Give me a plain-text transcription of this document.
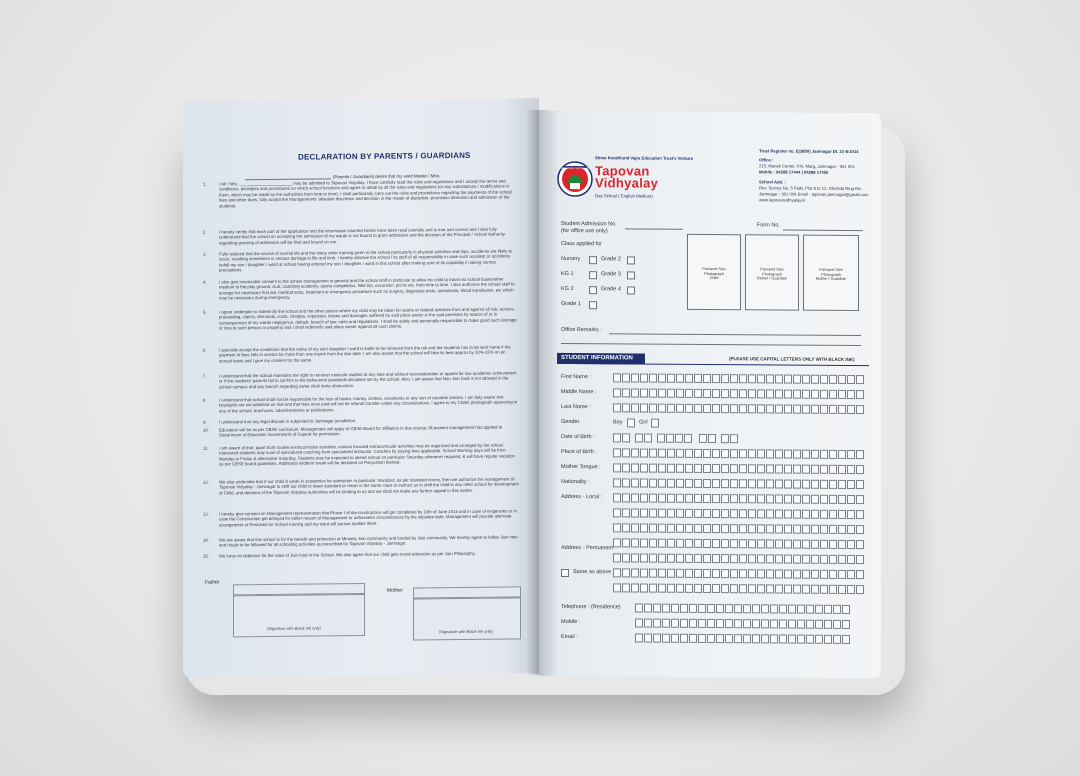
DECLARATION BY PARENTS / GUARDIANS
(Parents / Guardians) desire that my ward Master / Miss
1.	I Mr / Mrs. ______________________ may be admitted to Tapovan Vidyalay. I have carefully read the rules and regulations and I accept the terms and conditions, principles and procedures on which school functions and agree to abide by all the rules and regulations (or any substitutions / modifications in them, which may be made by the authorities from time to time). I shall particularly carry out the rules and procedures regarding the payments of the school fees and other dues, fully accept the Managements' absolute discretion and decision in the matter of discipline, promotion demotion and admission of the students.
2.	I hereby certify that each part of the application and the information inserted herein have been read carefully and is true and correct and I also fully understand that the school on accepting the admission of my wards is not bound to grant admission and the decision of the Principal / School Authority regarding granting of admission will be final and bound on me.
3.	Fully realized that the course of normal life and the many other training given in the school particularly in physical activities and trips, accidents are likely to occur, resulting sometimes in serious damage to life and limb. I hereby absolve the school / its staff of all responsibility in case such accident or accidents befall my son / daughter / ward at school having entered my son / daughter / ward in this school after making sure of its capability in taking normal precautions.
4.	I also give irrevocable consent to the school management in general and the school staff in particular to allow my child to travel via school buses/other medium to the play ground, club, coaching academy, sports competition, field trip, excursion, picnic etc. from time to time. I also authorize the school staff to arrange for necessary first aid, medical tests, treatment or emergency procedure such as surgery, diagnostic tests, anesthesia, blood transfusion, etc which may be necessary during emergency.
5.	I agree undertake to indemnify the school and the other places where my child may be taken for sports or related activities from and against all risk, actions, proceeding, claims, demands, costs, charges, expenses, losses and damages suffered by said place owner in the said premises by reason of or in consequences of my wards negligence, default, breach of law, rules and regulations. I shall be solely and personally responsible to make good such damage or loss to such person or property and I shall indemnify said place owner against all such claims.
6.	I specially accept the conditions that the name of my son/ daughter / ward is liable to be removed from the roll and the students has to be sent home if the payment of fees falls in arrears for more than one month from the due date. I am also aware that the school will hike its fees approx by 10%-15% on an annual basis and I give my consent for the same.
7.	I understand that the school maintains the right to remove/ rusticate student at any time and without reconsideration or appeal for low academic achievement or if the students' parents fail to confirm to the behavioral standards discipline set by the school. Also, I am aware that Non Jain food is not allowed in the school campus and any branch regarding same shall invite obstruction.
8.	I understand that school shall not be responsible for the loss of books, money, clothes, ornaments or any sort of valuable articles. I am fully aware that boys/girls are not admitted on trial and that fees once paid will not be refund/ transfer under any circumstances. I agree to my Childs photograph appearing in any of the school, brochures, advertisements or publications.
9.	I understand that any legal dispute is subjected to Jamnagar jurisdiction.
10. Education will be as per CBSE curriculum. Management will apply to CBSE Board for affiliation in due course, till present management has applied to Department of Education Government of Gujarat for permission.
11. I am aware of that, apart from routine extracurricular activities, various focused extracurricular activities may be organized and arranged by the school. Interested students may avail of specialized coaching from specialized instructor. Coaches by paying fees applicable. School Working days will be from Monday to Friday & alternative Saturday. Students may be expected to attend school on particular Saturday whenever required, & will have regular vacation as per CBSE board guidelines. Additional midterm break will be declared on Paryushan festival.
12. We also undertake that if our child is weak in academics for admission in particular Standard, as per standard norms, then we authorize the management of Tapovan Vidyalay - Jamnagar to shift our child to lower standard or retain in the same class or instruct us to shift the child to any other school for development of Child, and decision of the Tapovan Vidyalay authorities will be binding to us and we shall not make any further appeal in this matter.
13. I hereby give consent on Management representation that Phase I of the construction will get completed by 10th of June 2015 and in case of exigencies or in case the Construction get delayed for either reason of Management or unforeseen circumstances by the stipulate date, Management will provide alternate arrangement of Premises for School running and my ward will pursue studies there.
14. We are aware that this school is for the benefit and protection of Minority Jain community and funded by Jain community. We hereby agree to follow Jain rites and rituals to be followed for all schooling activities as prescribed by Tapovan Vidyalay - Jamnagar.
15. We have no objection for the rules of Jain food in the School. We also agree that our child gets moral education as per Jain Philosophy.
Father
(Signature with Black Ink only)
Mother
(Signature with Black Ink only)
TAPOVAN VIDYALAY
Shree KundKund Vajra Education Trust's Venture
Tapovan
Vidhyalay
Day School ( English Medium)
Trust Register no. E(3850) Jamnagar Dt. 21-8-2014
Office :
215, Manek Center, P.N. Marg, Jamnagar - 361 001
Mobile : 94268 17444 | 94288 17455
School Add. :
Rev. Survey No. 5 Paiki, Plot 8 to 12, Dhichda Ring Rd.,
Jamnagar - 361 006 Email : tapovan.jamnagar@gmail.com
www.tapovanvidhyalay.in
Student Admission No.
(for office use only)
Form No.
Class applied for
Nursery	Grade 2
KG 1	Grade 3
KG 2	Grade 4
Grade 1
Passport Size
Photograph
Child
Passport Size
Photograph
Father / Guardian
Passport Size
Photograph
Mother / Guardian
Office Remarks :
STUDENT INFORMATION	(PLEASE USE CAPITAL LETTERS ONLY WITH BLACK INK)
First Name :
Middle Name :
Last Name :
Date of Birth :
Place of Birth :
Mother Tongue :
Nationality :
Address - Local :
Address - Permanent
Same as above
Telephone : (Residence)
Mobile :
Email :
Gender	Boy	Girl
